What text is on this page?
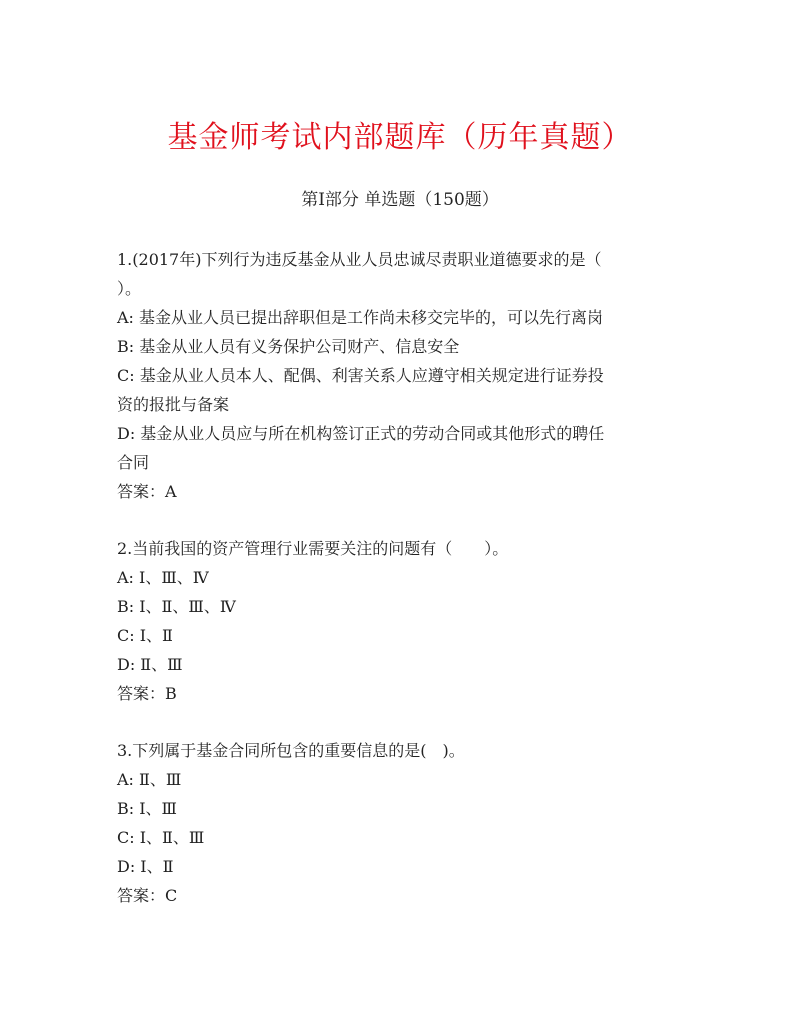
基金师考试内部题库（历年真题）
第Ⅰ部分 单选题（150题）
1.(2017年)下列行为违反基金从业人员忠诚尽责职业道德要求的是（
）。
A: 基金从业人员已提出辞职但是工作尚未移交完毕的，可以先行离岗
B: 基金从业人员有义务保护公司财产、信息安全
C: 基金从业人员本人、配偶、利害关系人应遵守相关规定进行证券投
资的报批与备案
D: 基金从业人员应与所在机构签订正式的劳动合同或其他形式的聘任
合同
答案：A
2.当前我国的资产管理行业需要关注的问题有（　　）。
A: Ⅰ、Ⅲ、Ⅳ
B: Ⅰ、Ⅱ、Ⅲ、Ⅳ
C: Ⅰ、Ⅱ
D: Ⅱ、Ⅲ
答案：B
3.下列属于基金合同所包含的重要信息的是(　)。
A: Ⅱ、Ⅲ
B: Ⅰ、Ⅲ
C: Ⅰ、Ⅱ、Ⅲ
D: Ⅰ、Ⅱ
答案：C
